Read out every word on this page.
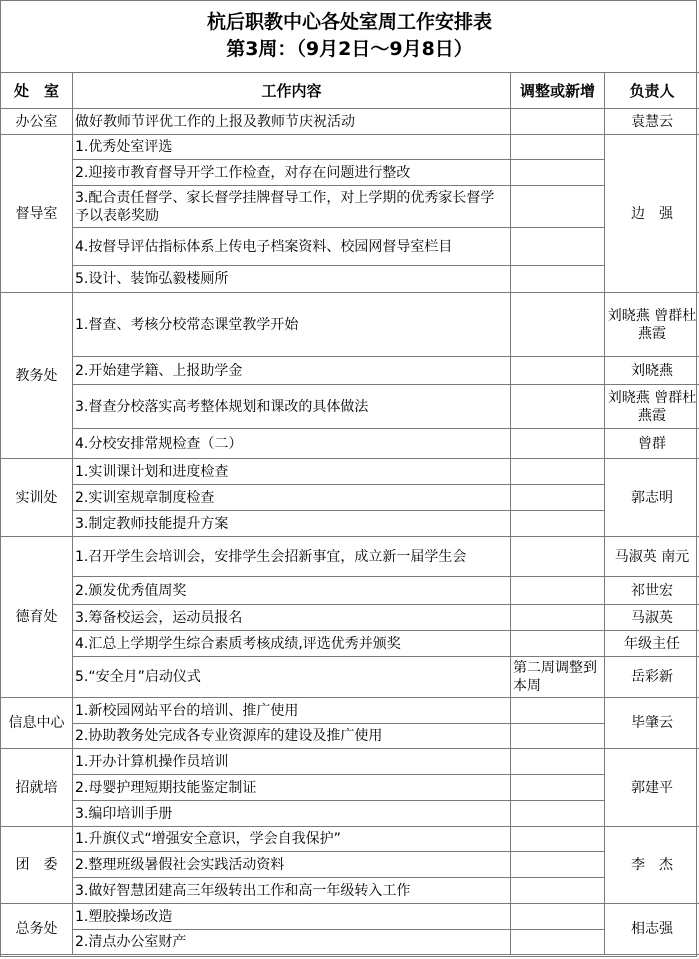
杭后职教中心各处室周工作安排表
第3周：（9月2日～9月8日）
处　室	工作内容	调整或新增	负责人
办公室	做好教师节评优工作的上报及教师节庆祝活动		袁慧云
督导室	1.优秀处室评选		边　强
	2.迎接市教育督导开学工作检查，对存在问题进行整改		
	3.配合责任督学、家长督学挂牌督导工作，对上学期的优秀家长督学予以表彰奖励		
	4.按督导评估指标体系上传电子档案资料、校园网督导室栏目		
	5.设计、装饰弘毅楼厕所		
教务处	1.督查、考核分校常态课堂教学开始		刘晓燕 曾群杜燕霞
	2.开始建学籍、上报助学金		刘晓燕
	3.督查分校落实高考整体规划和课改的具体做法		刘晓燕 曾群杜燕霞
	4.分校安排常规检查（二）		曾群
实训处	1.实训课计划和进度检查		郭志明
	2.实训室规章制度检查		
	3.制定教师技能提升方案		
德育处	1.召开学生会培训会，安排学生会招新事宜，成立新一届学生会		马淑英 南元
	2.颁发优秀值周奖		祁世宏
	3.筹备校运会，运动员报名		马淑英
	4.汇总上学期学生综合素质考核成绩,评选优秀并颁奖		年级主任
	5.“安全月”启动仪式	第二周调整到本周	岳彩新
信息中心	1.新校园网站平台的培训、推广使用		毕肇云
	2.协助教务处完成各专业资源库的建设及推广使用		
招就培	1.开办计算机操作员培训		郭建平
	2.母婴护理短期技能鉴定制证		
	3.编印培训手册		
团　委	1.升旗仪式“增强安全意识，学会自我保护”		李　杰
	2.整理班级暑假社会实践活动资料		
	3.做好智慧团建高三年级转出工作和高一年级转入工作		
总务处	1.塑胶操场改造		相志强
	2.清点办公室财产		
